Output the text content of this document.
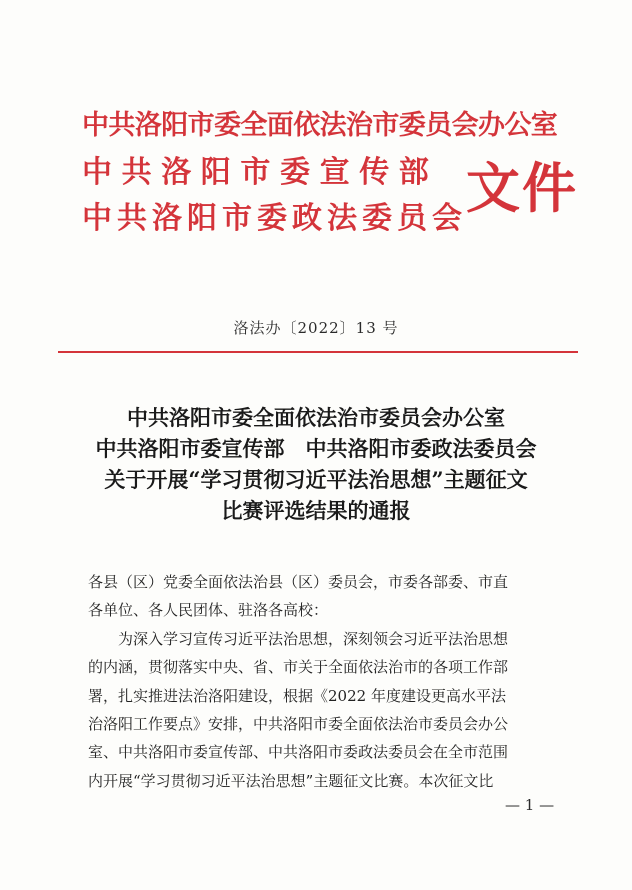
中共洛阳市委全面依法治市委员会办公室
中共洛阳市委宣传部
中共洛阳市委政法委员会 文件
洛法办〔2022〕13 号
中共洛阳市委全面依法治市委员会办公室
中共洛阳市委宣传部　中共洛阳市委政法委员会
关于开展“学习贯彻习近平法治思想”主题征文
比赛评选结果的通报
各县（区）党委全面依法治县（区）委员会，市委各部委、市直
各单位、各人民团体、驻洛各高校：
为深入学习宣传习近平法治思想，深刻领会习近平法治思想
的内涵，贯彻落实中央、省、市关于全面依法治市的各项工作部
署，扎实推进法治洛阳建设，根据《2022 年度建设更高水平法
治洛阳工作要点》安排，中共洛阳市委全面依法治市委员会办公
室、中共洛阳市委宣传部、中共洛阳市委政法委员会在全市范围
内开展“学习贯彻习近平法治思想”主题征文比赛。本次征文比
— 1 —
